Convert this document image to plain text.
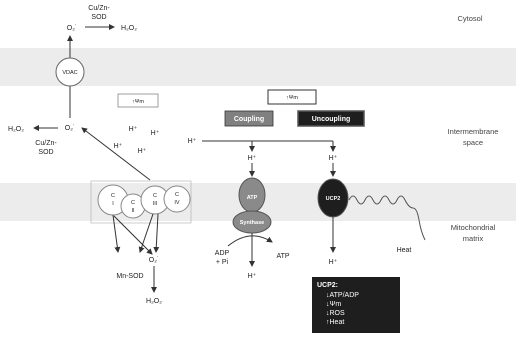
Cytosol
Intermembrane
space
Mitochondrial
matrix
Cu/Zn-
SOD
O₂˙	H₂O₂
VDAC
O₂˙
H₂O₂
Cu/Zn-
SOD
↑Ψm
H⁺
H⁺
H⁺
H⁺
C
I	C
II
C
III
C
IV
O₂˙
Mn-SOD
H₂O₂
↑Ψm
Coupling	Uncoupling
H⁺
H⁺	H⁺
ATP
Synthase
H⁺
ADP
+ Pi
ATP
UCP2
H⁺
Heat
UCP2:
↓ATP/ADP
↓Ψm
↓ROS
↑Heat
